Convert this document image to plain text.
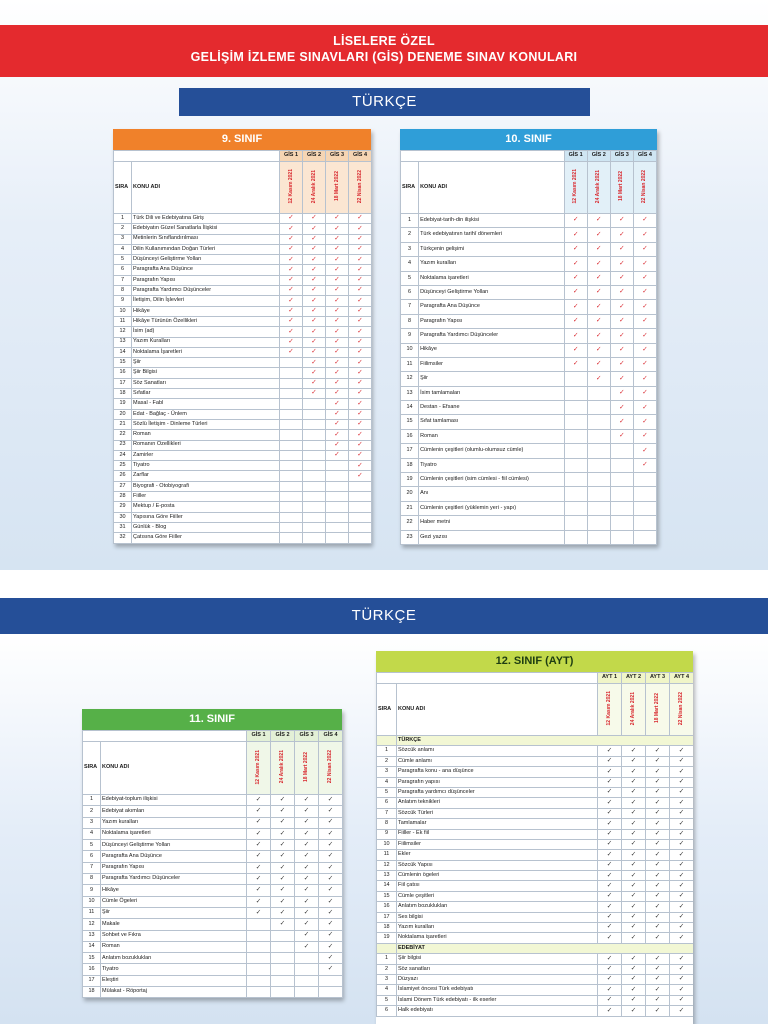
LİSELERE ÖZEL
GELİŞİM İZLEME SINAVLARI (GİS) DENEME SINAV KONULARI
TÜRKÇE
TÜRKÇE
9. SINIF
		GİS 1	GİS 2	GİS 3	GİS 4
SIRA	KONU ADI	12 Kasım 2021	24 Aralık 2021	18 Mart 2022	22 Nisan 2022
1	Türk Dili ve Edebiyatına Giriş	✓	✓	✓	✓
2	Edebiyatın Güzel Sanatlarla İlişkisi	✓	✓	✓	✓
3	Metinlerin Sınıflandırılması	✓	✓	✓	✓
4	Dilin Kullanımından Doğan Türleri	✓	✓	✓	✓
5	Düşünceyi Geliştirme Yolları	✓	✓	✓	✓
6	Paragrafta Ana Düşünce	✓	✓	✓	✓
7	Paragrafın Yapısı	✓	✓	✓	✓
8	Paragrafta Yardımcı Düşünceler	✓	✓	✓	✓
9	İletişim, Dilin İşlevleri	✓	✓	✓	✓
10	Hikâye	✓	✓	✓	✓
11	Hikâye Türünün Özellikleri	✓	✓	✓	✓
12	İsim (ad)	✓	✓	✓	✓
13	Yazım Kuralları	✓	✓	✓	✓
14	Noktalama İşaretleri	✓	✓	✓	✓
15	Şiir		✓	✓	✓
16	Şiir Bilgisi		✓	✓	✓
17	Söz Sanatları		✓	✓	✓
18	Sıfatlar		✓	✓	✓
19	Masal - Fabl			✓	✓
20	Edat - Bağlaç - Ünlem			✓	✓
21	Sözlü İletişim - Dinleme Türleri			✓	✓
22	Roman			✓	✓
23	Romanın Özellikleri			✓	✓
24	Zamirler			✓	✓
25	Tiyatro				✓
26	Zarflar				✓
27	Biyografi - Otobiyografi				
28	Fiiller				
29	Mektup / E-posta				
30	Yapısına Göre Fiiller				
31	Günlük - Blog				
32	Çatısına Göre Fiiller				
10. SINIF
		GİS 1	GİS 2	GİS 3	GİS 4
SIRA	KONU ADI	12 Kasım 2021	24 Aralık 2021	18 Mart 2022	22 Nisan 2022
1	Edebiyat-tarih-din ilişkisi	✓	✓	✓	✓
2	Türk edebiyatının tarihî dönemleri	✓	✓	✓	✓
3	Türkçenin gelişimi	✓	✓	✓	✓
4	Yazım kuralları	✓	✓	✓	✓
5	Noktalama işaretleri	✓	✓	✓	✓
6	Düşünceyi Geliştirme Yolları	✓	✓	✓	✓
7	Paragrafta Ana Düşünce	✓	✓	✓	✓
8	Paragrafın Yapısı	✓	✓	✓	✓
9	Paragrafta Yardımcı Düşünceler	✓	✓	✓	✓
10	Hikâye	✓	✓	✓	✓
11	Fiilimsiler	✓	✓	✓	✓
12	Şiir		✓	✓	✓
13	İsim tamlamaları			✓	✓
14	Destan - Efsane			✓	✓
15	Sıfat tamlaması			✓	✓
16	Roman			✓	✓
17	Cümlenin çeşitleri (olumlu-olumsuz cümle)				✓
18	Tiyatro				✓
19	Cümlenin çeşitleri (isim cümlesi - fiil cümlesi)				
20	Anı				
21	Cümlenin çeşitleri (yüklemin yeri - yapı)				
22	Haber metni				
23	Gezi yazısı				
11. SINIF
		GİS 1	GİS 2	GİS 3	GİS 4
SIRA	KONU ADI	12 Kasım 2021	24 Aralık 2021	18 Mart 2022	22 Nisan 2022
1	Edebiyat-toplum ilişkisi	✓	✓	✓	✓
2	Edebiyat akımları	✓	✓	✓	✓
3	Yazım kuralları	✓	✓	✓	✓
4	Noktalama işaretleri	✓	✓	✓	✓
5	Düşünceyi Geliştirme Yolları	✓	✓	✓	✓
6	Paragrafta Ana Düşünce	✓	✓	✓	✓
7	Paragrafın Yapısı	✓	✓	✓	✓
8	Paragrafta Yardımcı Düşünceler	✓	✓	✓	✓
9	Hikâye	✓	✓	✓	✓
10	Cümle Ögeleri	✓	✓	✓	✓
11	Şiir	✓	✓	✓	✓
12	Makale		✓	✓	✓
13	Sohbet ve Fıkra			✓	✓
14	Roman			✓	✓
15	Anlatım bozuklukları				✓
16	Tiyatro				✓
17	Eleştiri				
18	Mülakat - Röportaj				
12. SINIF (AYT)
		AYT 1	AYT 2	AYT 3	AYT 4
SIRA	KONU ADI	12 Kasım 2021	24 Aralık 2021	18 Mart 2022	22 Nisan 2022
	TÜRKÇE				
1	Sözcük anlamı	✓	✓	✓	✓
2	Cümle anlamı	✓	✓	✓	✓
3	Paragrafta konu - ana düşünce	✓	✓	✓	✓
4	Paragrafın yapısı	✓	✓	✓	✓
5	Paragrafta yardımcı düşünceler	✓	✓	✓	✓
6	Anlatım teknikleri	✓	✓	✓	✓
7	Sözcük Türleri	✓	✓	✓	✓
8	Tamlamalar	✓	✓	✓	✓
9	Fiiller - Ek fiil	✓	✓	✓	✓
10	Fiilimsiler	✓	✓	✓	✓
11	Ekler	✓	✓	✓	✓
12	Sözcük Yapısı	✓	✓	✓	✓
13	Cümlenin ögeleri	✓	✓	✓	✓
14	Fiil çatısı	✓	✓	✓	✓
15	Cümle çeşitleri	✓	✓	✓	✓
16	Anlatım bozuklukları	✓	✓	✓	✓
17	Ses bilgisi	✓	✓	✓	✓
18	Yazım kuralları	✓	✓	✓	✓
19	Noktalama işaretleri	✓	✓	✓	✓
	EDEBİYAT				
1	Şiir bilgisi	✓	✓	✓	✓
2	Söz sanatları	✓	✓	✓	✓
3	Düzyazı	✓	✓	✓	✓
4	İslamiyet öncesi Türk edebiyatı	✓	✓	✓	✓
5	İslami Dönem Türk edebiyatı - ilk eserler	✓	✓	✓	✓
6	Halk edebiyatı	✓	✓	✓	✓
